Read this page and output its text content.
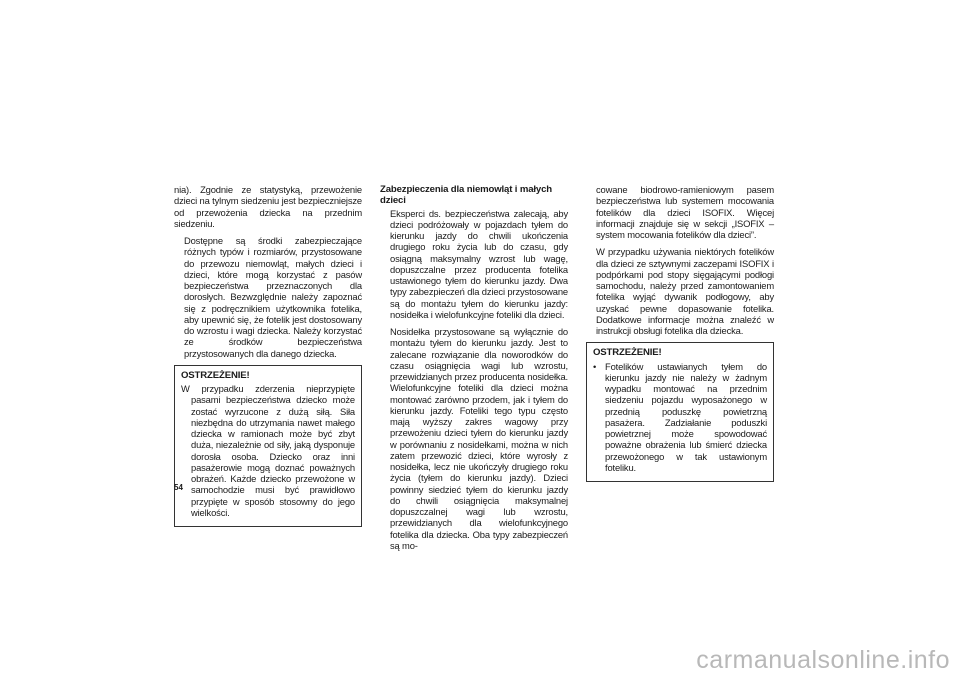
nia). Zgodnie ze statystyką, przewożenie dzieci na tylnym siedzeniu jest bezpieczniejsze od przewożenia dziecka na przednim siedzeniu.

Dostępne są środki zabezpieczające różnych typów i rozmiarów, przystosowane do przewozu niemowląt, małych dzieci i dzieci, które mogą korzystać z pasów bezpieczeństwa przeznaczonych dla dorosłych. Bezwzględnie należy zapoznać się z podręcznikiem użytkownika fotelika, aby upewnić się, że fotelik jest dostosowany do wzrostu i wagi dziecka. Należy korzystać ze środków bezpieczeństwa przystosowanych dla danego dziecka.

OSTRZEŻENIE!

W przypadku zderzenia nieprzypięte pasami bezpieczeństwa dziecko może zostać wyrzucone z dużą siłą. Siła niezbędna do utrzymania nawet małego dziecka w ramionach może być zbyt duża, niezależnie od siły, jaką dysponuje dorosła osoba. Dziecko oraz inni pasażerowie mogą doznać poważnych obrażeń. Każde dziecko przewożone w samochodzie musi być prawidłowo przypięte w sposób stosowny do jego wielkości.

Zabezpieczenia dla niemowląt i małych dzieci

Eksperci ds. bezpieczeństwa zalecają, aby dzieci podróżowały w pojazdach tyłem do kierunku jazdy do chwili ukończenia drugiego roku życia lub do czasu, gdy osiągną maksymalny wzrost lub wagę, dopuszczalne przez producenta fotelika ustawionego tyłem do kierunku jazdy. Dwa typy zabezpieczeń dla dzieci przystosowane są do montażu tyłem do kierunku jazdy: nosidełka i wielofunkcyjne foteliki dla dzieci.

Nosidełka przystosowane są wyłącznie do montażu tyłem do kierunku jazdy. Jest to zalecane rozwiązanie dla noworodków do czasu osiągnięcia wagi lub wzrostu, przewidzianych przez producenta nosidełka. Wielofunkcyjne foteliki dla dzieci można montować zarówno przodem, jak i tyłem do kierunku jazdy. Foteliki tego typu często mają wyższy zakres wagowy przy przewożeniu dzieci tyłem do kierunku jazdy w porównaniu z nosidełkami, można w nich zatem przewozić dzieci, które wyrosły z nosidełka, lecz nie ukończyły drugiego roku życia (tyłem do kierunku jazdy). Dzieci powinny siedzieć tyłem do kierunku jazdy do chwili osiągnięcia maksymalnej dopuszczalnej wagi lub wzrostu, przewidzianych dla wielofunkcyjnego fotelika dla dziecka. Oba typy zabezpieczeń są mo-

cowane biodrowo-ramieniowym pasem bezpieczeństwa lub systemem mocowania fotelików dla dzieci ISOFIX. Więcej informacji znajduje się w sekcji „ISOFIX – system mocowania fotelików dla dzieci”.

W przypadku używania niektórych fotelików dla dzieci ze sztywnymi zaczepami ISOFIX i podpórkami pod stopy sięgającymi podłogi samochodu, należy przed zamontowaniem fotelika wyjąć dywanik podłogowy, aby uzyskać pewne dopasowanie fotelika. Dodatkowe informacje można znaleźć w instrukcji obsługi fotelika dla dziecka.

OSTRZEŻENIE!
• Fotelików ustawianych tyłem do kierunku jazdy nie należy w żadnym wypadku montować na przednim siedzeniu pojazdu wyposażonego w przednią poduszkę powietrzną pasażera. Zadziałanie poduszki powietrznej może spowodować poważne obrażenia lub śmierć dziecka przewożonego w tak ustawionym foteliku.
54
carmanualsonline.info
